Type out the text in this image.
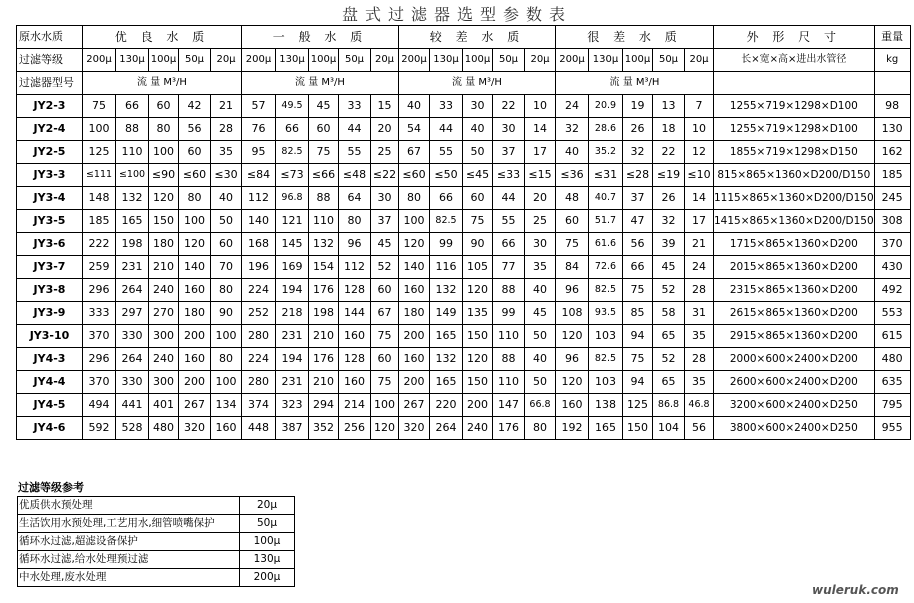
盘式过滤器选型参数表
原水水质	优 良 水 质					一 般 水 质					较 差 水 质					很 差 水 质					外 形 尺 寸	重量
过滤等级	200μ	130μ	100μ	50μ	20μ	200μ	130μ	100μ	50μ	20μ	200μ	130μ	100μ	50μ	20μ	200μ	130μ	100μ	50μ	20μ	长×宽×高×进出水管径	kg
过滤器型号	流 量 M³/H					流 量 M³/H					流 量 M³/H					流 量 M³/H						
JY2-3	75	66	60	42	21	57	49.5	45	33	15	40	33	30	22	10	24	20.9	19	13	7	1255×719×1298×D100	98
JY2-4	100	88	80	56	28	76	66	60	44	20	54	44	40	30	14	32	28.6	26	18	10	1255×719×1298×D100	130
JY2-5	125	110	100	60	35	95	82.5	75	55	25	67	55	50	37	17	40	35.2	32	22	12	1855×719×1298×D150	162
JY3-3	≤111	≤100	≤90	≤60	≤30	≤84	≤73	≤66	≤48	≤22	≤60	≤50	≤45	≤33	≤15	≤36	≤31	≤28	≤19	≤10	815×865×1360×D200/D150	185
JY3-4	148	132	120	80	40	112	96.8	88	64	30	80	66	60	44	20	48	40.7	37	26	14	1115×865×1360×D200/D150	245
JY3-5	185	165	150	100	50	140	121	110	80	37	100	82.5	75	55	25	60	51.7	47	32	17	1415×865×1360×D200/D150	308
JY3-6	222	198	180	120	60	168	145	132	96	45	120	99	90	66	30	75	61.6	56	39	21	1715×865×1360×D200	370
JY3-7	259	231	210	140	70	196	169	154	112	52	140	116	105	77	35	84	72.6	66	45	24	2015×865×1360×D200	430
JY3-8	296	264	240	160	80	224	194	176	128	60	160	132	120	88	40	96	82.5	75	52	28	2315×865×1360×D200	492
JY3-9	333	297	270	180	90	252	218	198	144	67	180	149	135	99	45	108	93.5	85	58	31	2615×865×1360×D200	553
JY3-10	370	330	300	200	100	280	231	210	160	75	200	165	150	110	50	120	103	94	65	35	2915×865×1360×D200	615
JY4-3	296	264	240	160	80	224	194	176	128	60	160	132	120	88	40	96	82.5	75	52	28	2000×600×2400×D200	480
JY4-4	370	330	300	200	100	280	231	210	160	75	200	165	150	110	50	120	103	94	65	35	2600×600×2400×D200	635
JY4-5	494	441	401	267	134	374	323	294	214	100	267	220	200	147	66.8	160	138	125	86.8	46.8	3200×600×2400×D250	795
JY4-6	592	528	480	320	160	448	387	352	256	120	320	264	240	176	80	192	165	150	104	56	3800×600×2400×D250	955
过滤等级参考
优质供水预处理	20μ
生活饮用水预处理,工艺用水,细管喷嘴保护	50μ
循环水过滤,超滤设备保护	100μ
循环水过滤,给水处理预过滤	130μ
中水处理,废水处理	200μ
wuleruk.com
